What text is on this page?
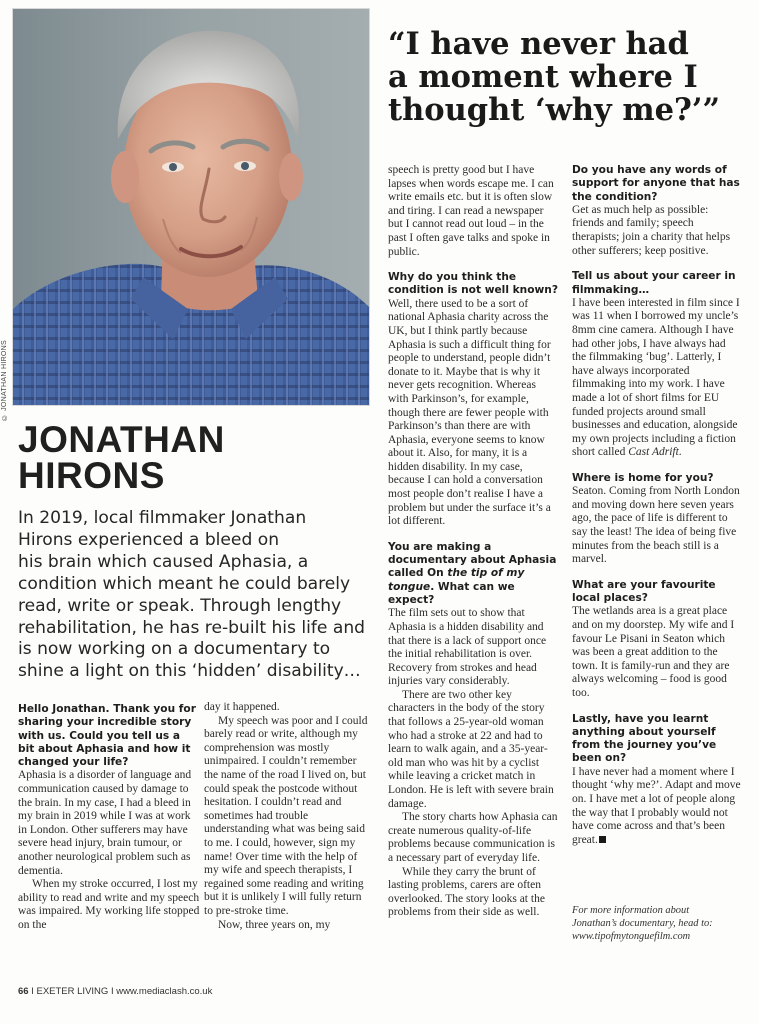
© JONATHAN HIRONS
“I have never had
a moment where I
thought ‘why me?’”
JONATHAN
HIRONS
In 2019, local filmmaker Jonathan
Hirons experienced a bleed on
his brain which caused Aphasia, a
condition which meant he could barely
read, write or speak. Through lengthy
rehabilitation, he has re-built his life and
is now working on a documentary to
shine a light on this ‘hidden’ disability…

Hello Jonathan. Thank you for sharing your incredible story with us. Could you tell us a bit about Aphasia and how it changed your life?

Aphasia is a disorder of language and communication caused by damage to the brain. In my case, I had a bleed in my brain in 2019 while I was at work in London. Other sufferers may have severe head injury, brain tumour, or another neurological problem such as dementia.

When my stroke occurred, I lost my ability to read and write and my speech was impaired. My working life stopped on the

day it happened.

My speech was poor and I could barely read or write, although my comprehension was mostly unimpaired. I couldn’t remember the name of the road I lived on, but could speak the postcode without hesitation. I couldn’t read and sometimes had trouble understanding what was being said to me. I could, however, sign my name! Over time with the help of my wife and speech therapists, I regained some reading and writing but it is unlikely I will fully return to pre-stroke time.

Now, three years on, my

speech is pretty good but I have lapses when words escape me. I can write emails etc. but it is often slow and tiring. I can read a newspaper but I cannot read out loud – in the past I often gave talks and spoke in public.

Why do you think the condition is not well known?

Well, there used to be a sort of national Aphasia charity across the UK, but I think partly because Aphasia is such a difficult thing for people to understand, people didn’t donate to it. Maybe that is why it never gets recognition. Whereas with Parkinson’s, for example, though there are fewer people with Parkinson’s than there are with Aphasia, everyone seems to know about it. Also, for many, it is a hidden disability. In my case, because I can hold a conversation most people don’t realise I have a problem but under the surface it’s a lot different.

You are making a documentary about Aphasia called On the tip of my tongue. What can we expect?

The film sets out to show that Aphasia is a hidden disability and that there is a lack of support once the initial rehabilitation is over. Recovery from strokes and head injuries vary considerably.

There are two other key characters in the body of the story that follows a 25-year-old woman who had a stroke at 22 and had to learn to walk again, and a 35-year-old man who was hit by a cyclist while leaving a cricket match in London. He is left with severe brain damage.

The story charts how Aphasia can create numerous quality-of-life problems because communication is a necessary part of everyday life.

While they carry the brunt of lasting problems, carers are often overlooked. The story looks at the problems from their side as well.

Do you have any words of support for anyone that has the condition?

Get as much help as possible: friends and family; speech therapists; join a charity that helps other sufferers; keep positive.

Tell us about your career in filmmaking…

I have been interested in film since I was 11 when I borrowed my uncle’s 8mm cine camera. Although I have had other jobs, I have always had the filmmaking ‘bug’. Latterly, I have always incorporated filmmaking into my work. I have made a lot of short films for EU funded projects around small businesses and education, alongside my own projects including a fiction short called Cast Adrift.

Where is home for you?

Seaton. Coming from North London and moving down here seven years ago, the pace of life is different to say the least! The idea of being five minutes from the beach still is a marvel.

What are your favourite local places?

The wetlands area is a great place and on my doorstep. My wife and I favour Le Pisani in Seaton which was been a great addition to the town. It is family-run and they are always welcoming – food is good too.

Lastly, have you learnt anything about yourself from the journey you’ve been on?

I have never had a moment where I thought ‘why me?’. Adapt and move on. I have met a lot of people along the way that I probably would not have come across and that’s been great.

For more information about
Jonathan’s documentary, head to:
www.tipofmytonguefilm.com
66 I EXETER LIVING I www.mediaclash.co.uk
